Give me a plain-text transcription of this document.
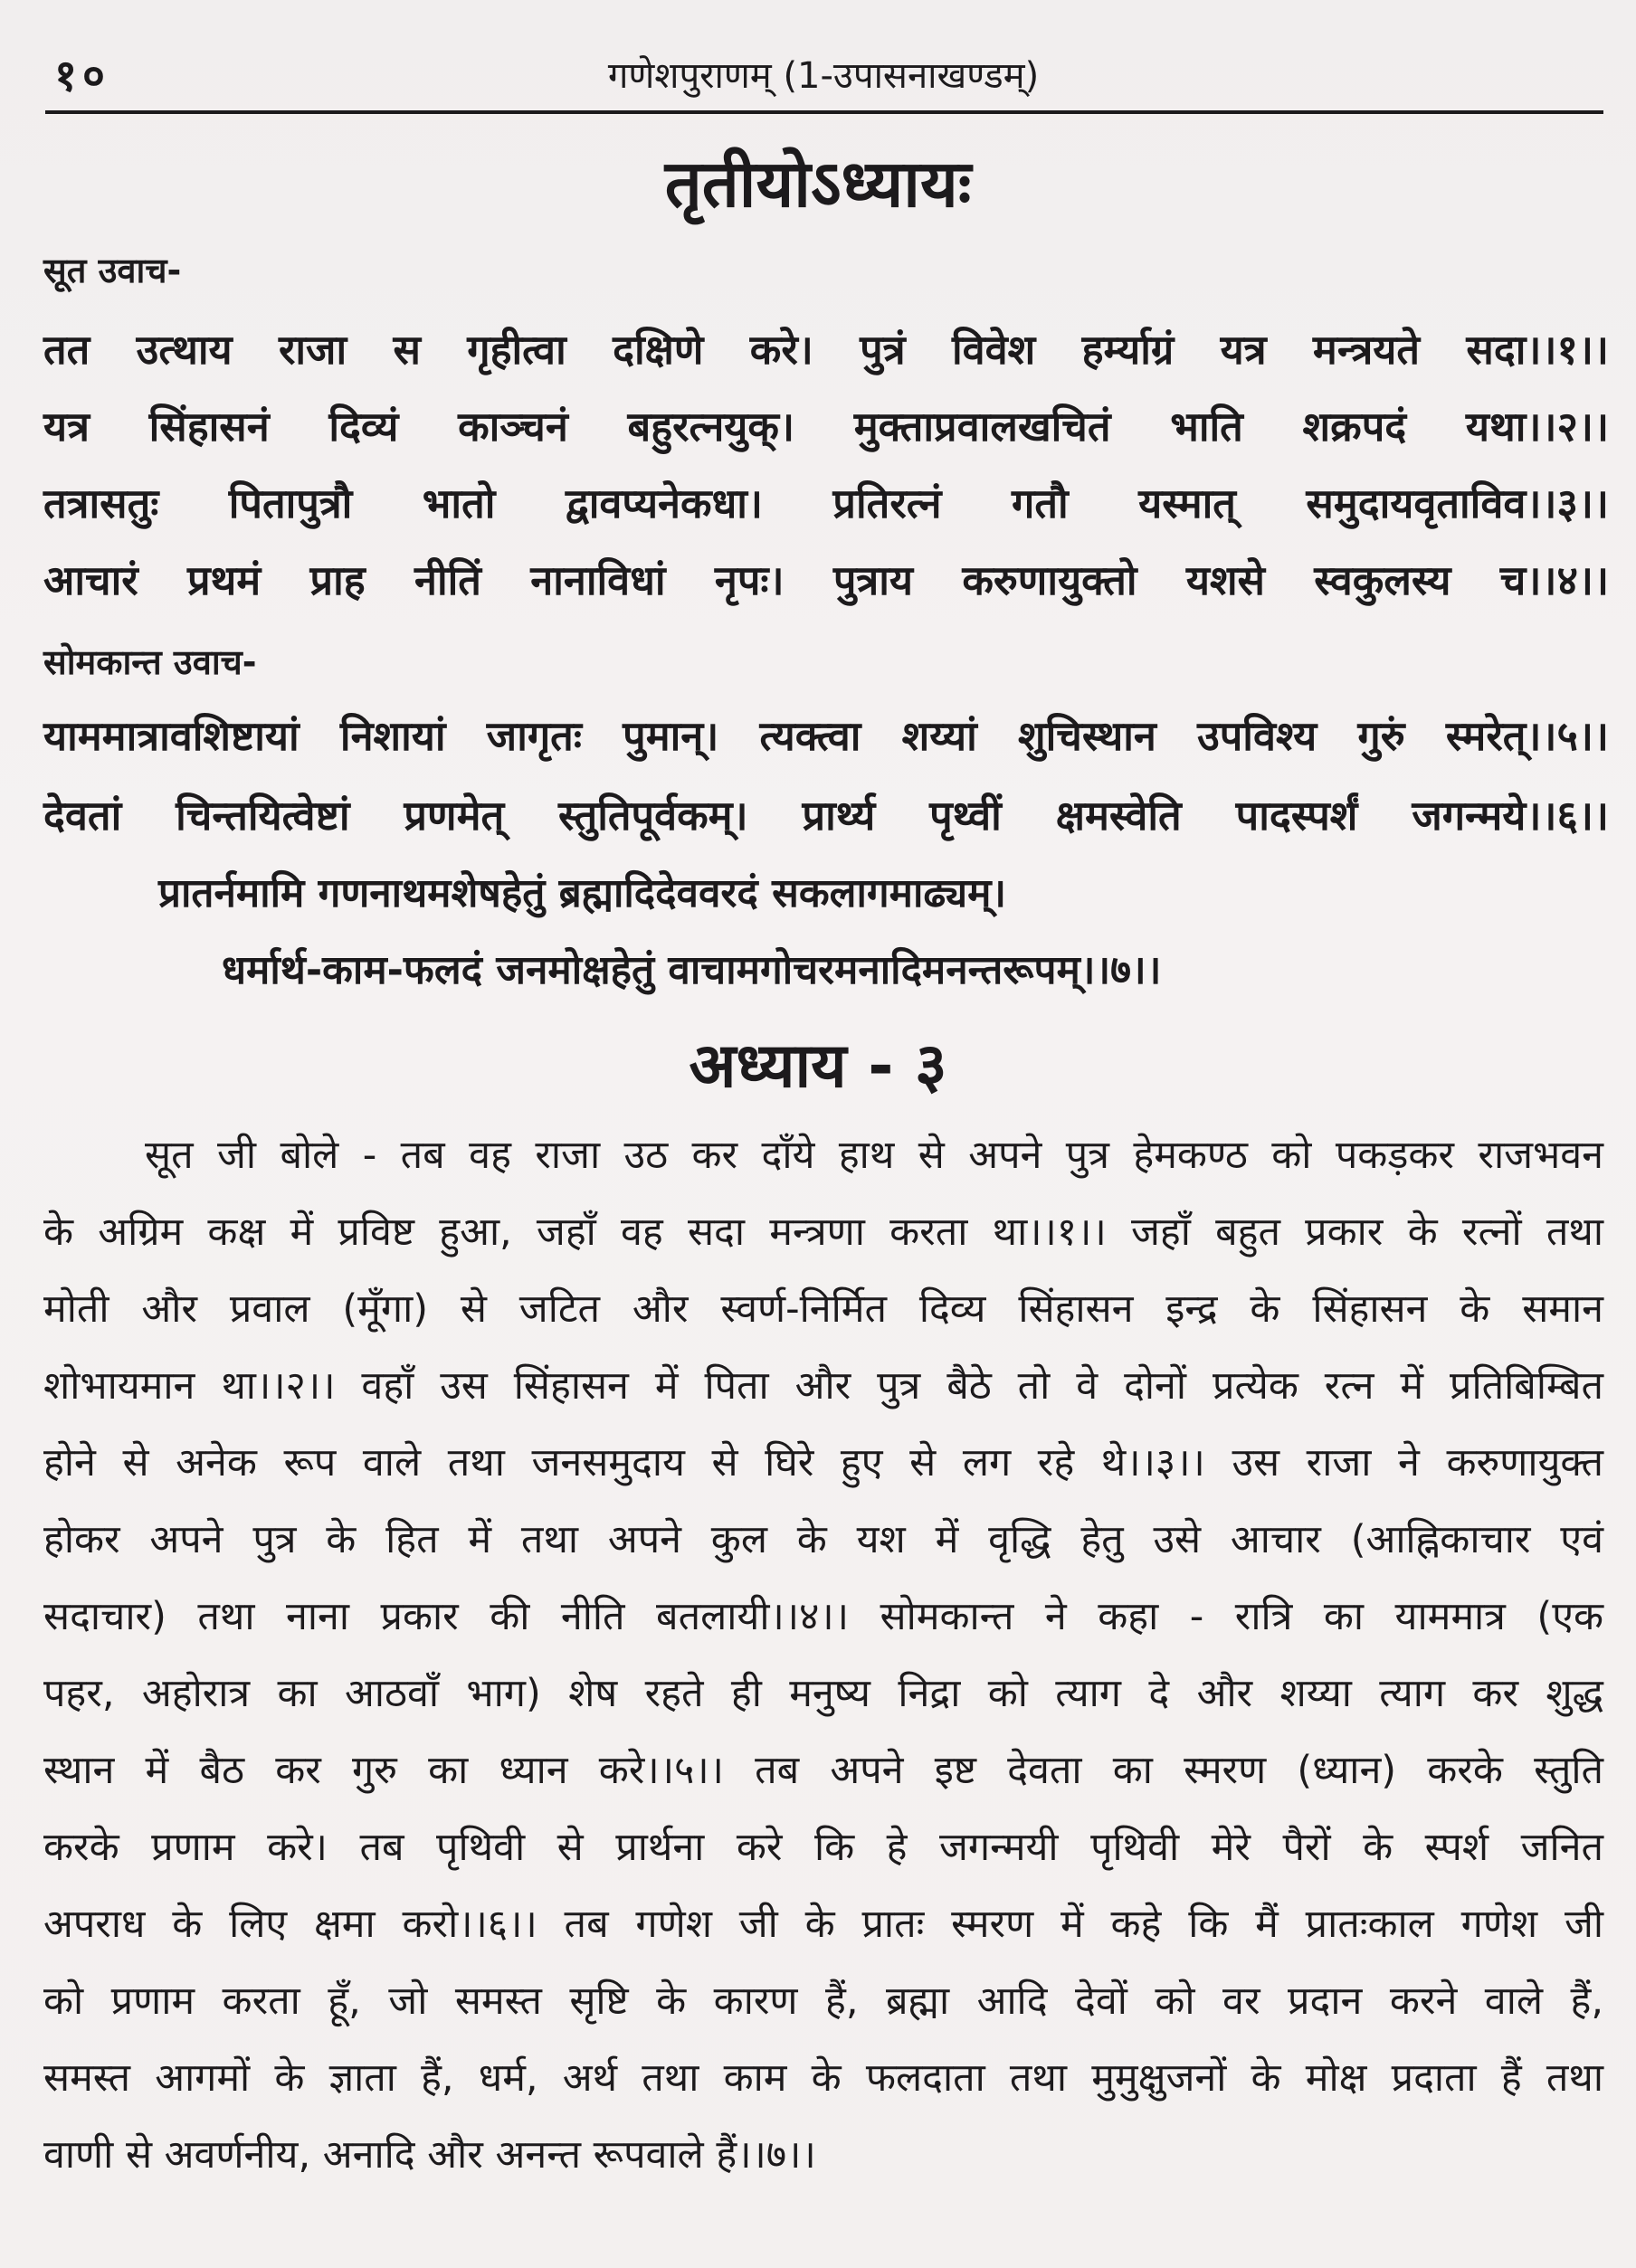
१०	गणेशपुराणम् (1-उपासनाखण्डम्)
तृतीयोऽध्यायः
सूत उवाच-
तत उत्थाय राजा स गृहीत्वा दक्षिणे करे। पुत्रं विवेश हर्म्याग्रं यत्र मन्त्रयते सदा।।१।।
यत्र सिंहासनं दिव्यं काञ्चनं बहुरत्नयुक्। मुक्ताप्रवालखचितं भाति शक्रपदं यथा।।२।।
तत्रासतुः पितापुत्रौ भातो द्वावप्यनेकधा। प्रतिरत्नं गतौ यस्मात् समुदायवृताविव।।३।।
आचारं प्रथमं प्राह नीतिं नानाविधां नृपः। पुत्राय करुणायुक्तो यशसे स्वकुलस्य च।।४।।
सोमकान्त उवाच-
याममात्रावशिष्टायां निशायां जागृतः पुमान्। त्यक्त्वा शय्यां शुचिस्थान उपविश्य गुरुं स्मरेत्।।५।।
देवतां चिन्तयित्वेष्टां प्रणमेत् स्तुतिपूर्वकम्। प्रार्थ्य पृथ्वीं क्षमस्वेति पादस्पर्शं जगन्मये।।६।।
प्रातर्नमामि गणनाथमशेषहेतुं ब्रह्मादिदेववरदं सकलागमाढ्यम्।
धर्मार्थ-काम-फलदं जनमोक्षहेतुं वाचामगोचरमनादिमनन्तरूपम्।।७।।
अध्याय - ३
सूत जी बोले - तब वह राजा उठ कर दाँये हाथ से अपने पुत्र हेमकण्ठ को पकड़कर राजभवन
के अग्रिम कक्ष में प्रविष्ट हुआ, जहाँ वह सदा मन्त्रणा करता था।।१।। जहाँ बहुत प्रकार के रत्नों तथा
मोती और प्रवाल (मूँगा) से जटित और स्वर्ण-निर्मित दिव्य सिंहासन इन्द्र के सिंहासन के समान
शोभायमान था।।२।। वहाँ उस सिंहासन में पिता और पुत्र बैठे तो वे दोनों प्रत्येक रत्न में प्रतिबिम्बित
होने से अनेक रूप वाले तथा जनसमुदाय से घिरे हुए से लग रहे थे।।३।। उस राजा ने करुणायुक्त
होकर अपने पुत्र के हित में तथा अपने कुल के यश में वृद्धि हेतु उसे आचार (आह्निकाचार एवं
सदाचार) तथा नाना प्रकार की नीति बतलायी।।४।। सोमकान्त ने कहा - रात्रि का याममात्र (एक
पहर, अहोरात्र का आठवाँ भाग) शेष रहते ही मनुष्य निद्रा को त्याग दे और शय्या त्याग कर शुद्ध
स्थान में बैठ कर गुरु का ध्यान करे।।५।। तब अपने इष्ट देवता का स्मरण (ध्यान) करके स्तुति
करके प्रणाम करे। तब पृथिवी से प्रार्थना करे कि हे जगन्मयी पृथिवी मेरे पैरों के स्पर्श जनित
अपराध के लिए क्षमा करो।।६।। तब गणेश जी के प्रातः स्मरण में कहे कि मैं प्रातःकाल गणेश जी
को प्रणाम करता हूँ, जो समस्त सृष्टि के कारण हैं, ब्रह्मा आदि देवों को वर प्रदान करने वाले हैं,
समस्त आगमों के ज्ञाता हैं, धर्म, अर्थ तथा काम के फलदाता तथा मुमुक्षुजनों के मोक्ष प्रदाता हैं तथा
वाणी से अवर्णनीय, अनादि और अनन्त रूपवाले हैं।।७।।
